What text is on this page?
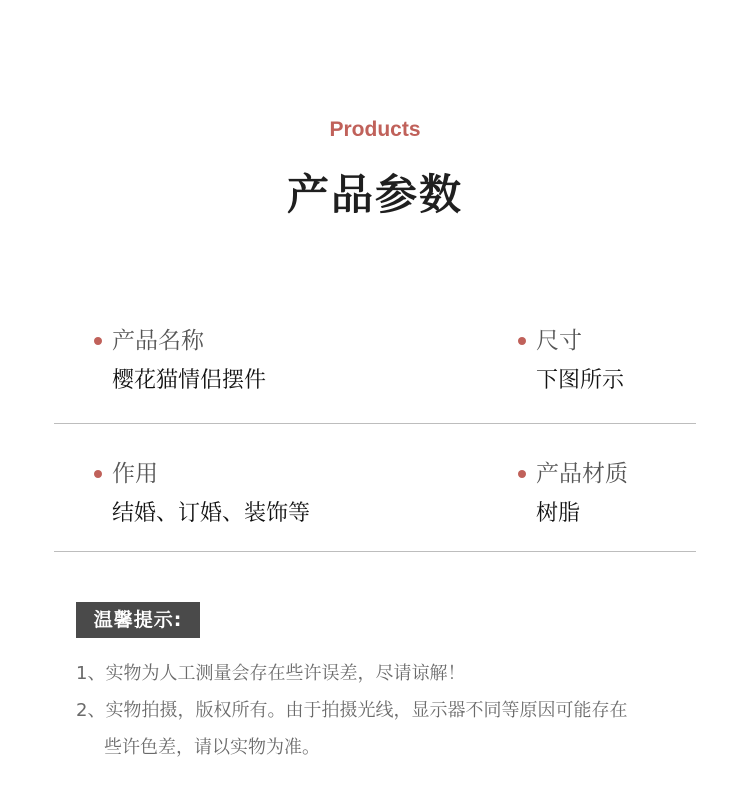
Products
产品参数
产品名称
樱花猫情侣摆件
尺寸
下图所示
作用
结婚、订婚、装饰等
产品材质
树脂
温馨提示:
1、实物为人工测量会存在些许误差，尽请谅解！
2、实物拍摄，版权所有。由于拍摄光线，显示器不同等原因可能存在
些许色差，请以实物为准。
